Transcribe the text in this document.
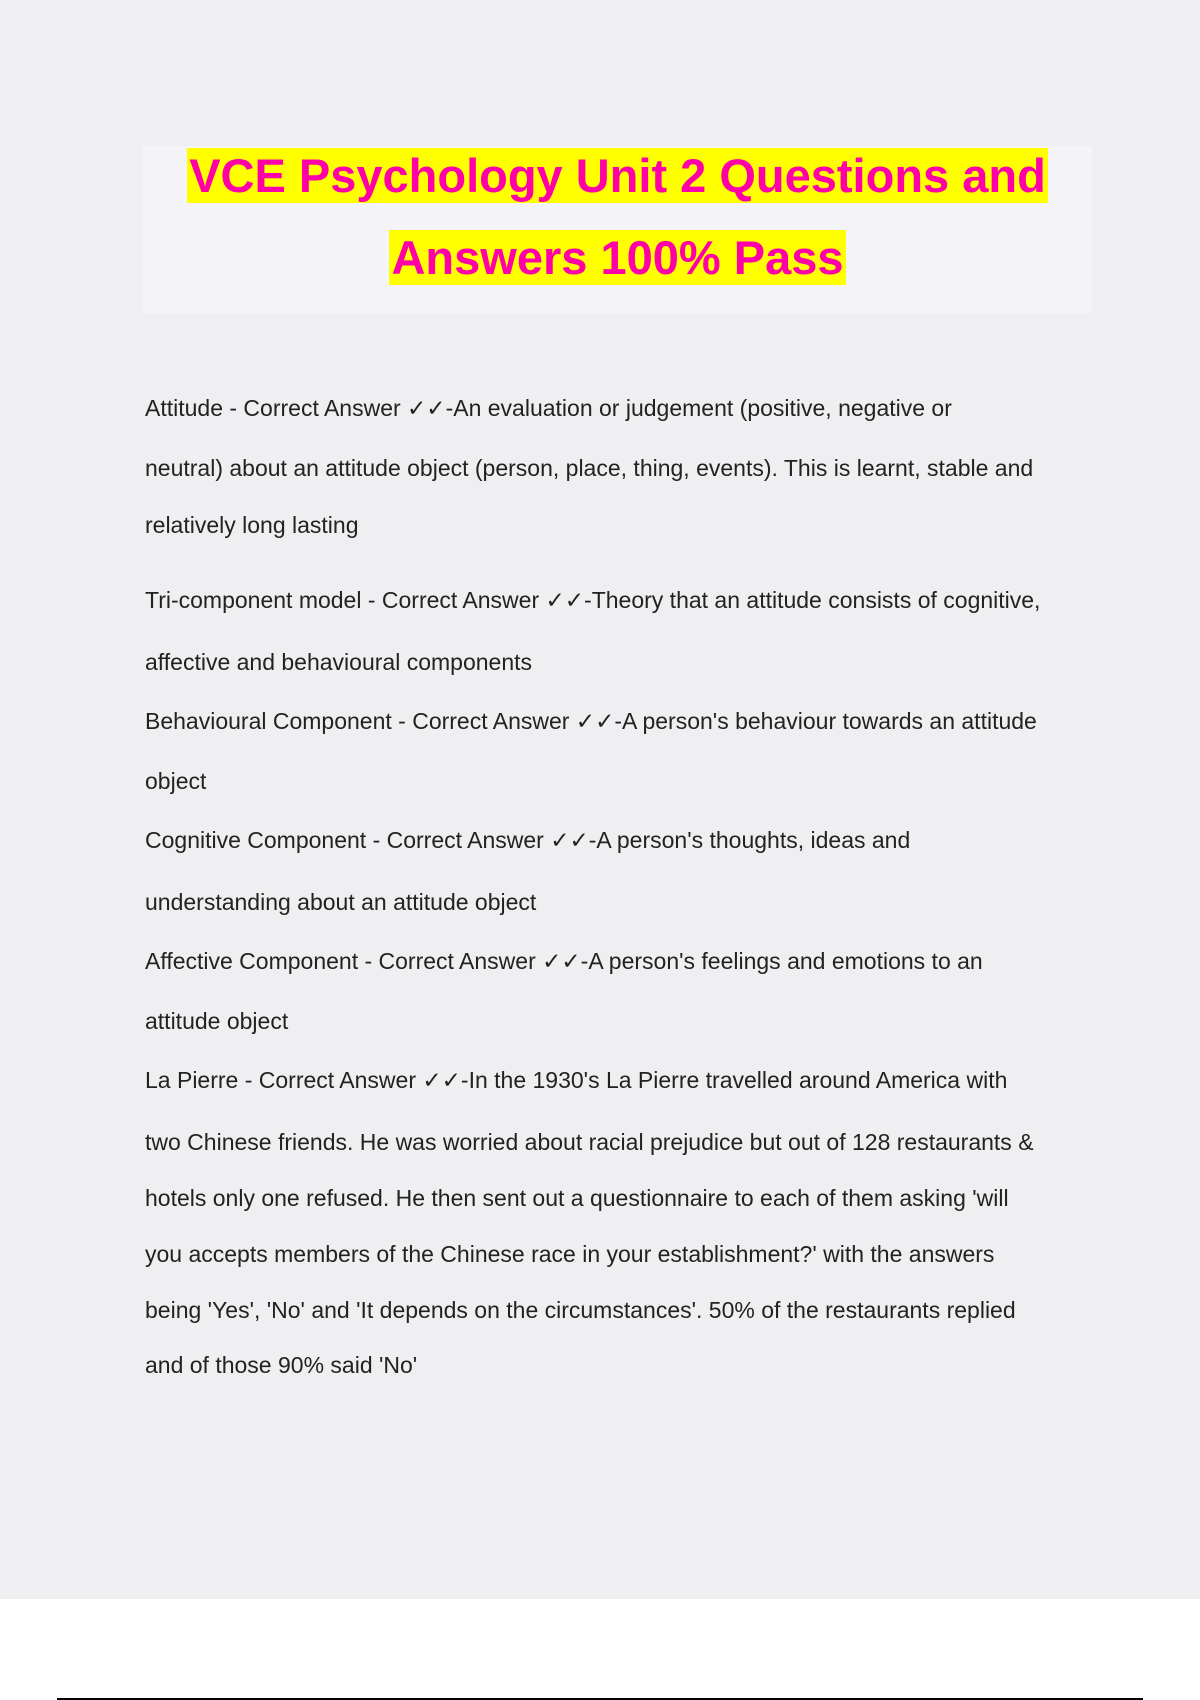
VCE Psychology Unit 2 Questions and
Answers 100% Pass
Attitude - Correct Answer ✓✓-An evaluation or judgement (positive, negative or
neutral) about an attitude object (person, place, thing, events). This is learnt, stable and
relatively long lasting
Tri-component model - Correct Answer ✓✓-Theory that an attitude consists of cognitive,
affective and behavioural components
Behavioural Component - Correct Answer ✓✓-A person's behaviour towards an attitude
object
Cognitive Component - Correct Answer ✓✓-A person's thoughts, ideas and
understanding about an attitude object
Affective Component - Correct Answer ✓✓-A person's feelings and emotions to an
attitude object
La Pierre - Correct Answer ✓✓-In the 1930's La Pierre travelled around America with
two Chinese friends. He was worried about racial prejudice but out of 128 restaurants &
hotels only one refused. He then sent out a questionnaire to each of them asking 'will
you accepts members of the Chinese race in your establishment?' with the answers
being 'Yes', 'No' and 'It depends on the circumstances'. 50% of the restaurants replied
and of those 90% said 'No'
